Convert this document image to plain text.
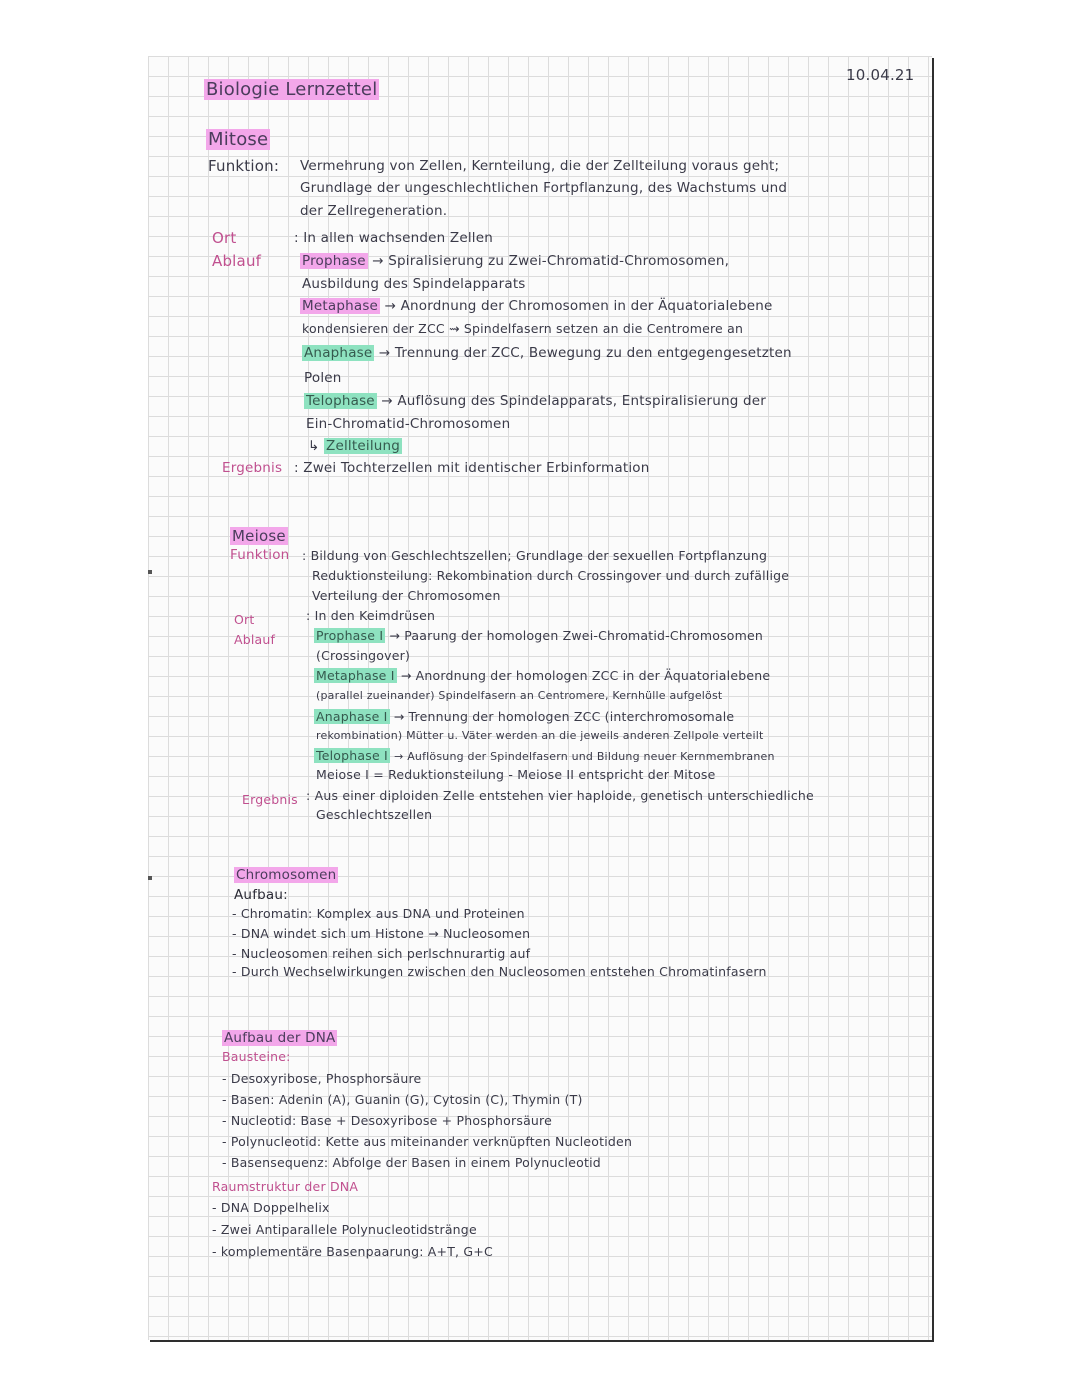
Biologie Lernzettel
10.04.21
Mitose
Funktion: Vermehrung von Zellen, Kernteilung, die der Zellteilung voraus geht;
Grundlage der ungeschlechtlichen Fortpflanzung, des Wachstums und
der Zellregeneration.
Ort	: In allen wachsenden Zellen
Ablauf	Prophase → Spiralisierung zu Zwei-Chromatid-Chromosomen,
Ausbildung des Spindelapparats
Metaphase → Anordnung der Chromosomen in der Äquatorialebene
kondensieren der ZCC ⇝ Spindelfasern setzen an die Centromere an
Anaphase → Trennung der ZCC, Bewegung zu den entgegengesetzten
Polen
Telophase → Auflösung des Spindelapparats, Entspiralisierung der
Ein-Chromatid-Chromosomen
↳ Zellteilung
Ergebnis : Zwei Tochterzellen mit identischer Erbinformation
Meiose
Funktion : Bildung von Geschlechtszellen; Grundlage der sexuellen Fortpflanzung
Reduktionsteilung: Rekombination durch Crossingover und durch zufällige
Verteilung der Chromosomen
Ort	: In den Keimdrüsen
Ablauf	Prophase I → Paarung der homologen Zwei-Chromatid-Chromosomen
(Crossingover)
Metaphase I → Anordnung der homologen ZCC in der Äquatorialebene
(parallel zueinander) Spindelfasern an Centromere, Kernhülle aufgelöst
Anaphase I → Trennung der homologen ZCC (interchromosomale
rekombination) Mütter u. Väter werden an die jeweils anderen Zellpole verteilt
Telophase I → Auflösung der Spindelfasern und Bildung neuer Kernmembranen
Meiose I = Reduktionsteilung - Meiose II entspricht der Mitose
Ergebnis : Aus einer diploiden Zelle entstehen vier haploide, genetisch unterschiedliche
Geschlechtszellen
Chromosomen
Aufbau:
- Chromatin: Komplex aus DNA und Proteinen
- DNA windet sich um Histone → Nucleosomen
- Nucleosomen reihen sich perlschnurartig auf
- Durch Wechselwirkungen zwischen den Nucleosomen entstehen Chromatinfasern
Aufbau der DNA
Bausteine:
- Desoxyribose, Phosphorsäure
- Basen: Adenin (A), Guanin (G), Cytosin (C), Thymin (T)
- Nucleotid: Base + Desoxyribose + Phosphorsäure
- Polynucleotid: Kette aus miteinander verknüpften Nucleotiden
- Basensequenz: Abfolge der Basen in einem Polynucleotid
Raumstruktur der DNA
- DNA Doppelhelix
- Zwei Antiparallele Polynucleotidstränge
- komplementäre Basenpaarung: A+T, G+C
